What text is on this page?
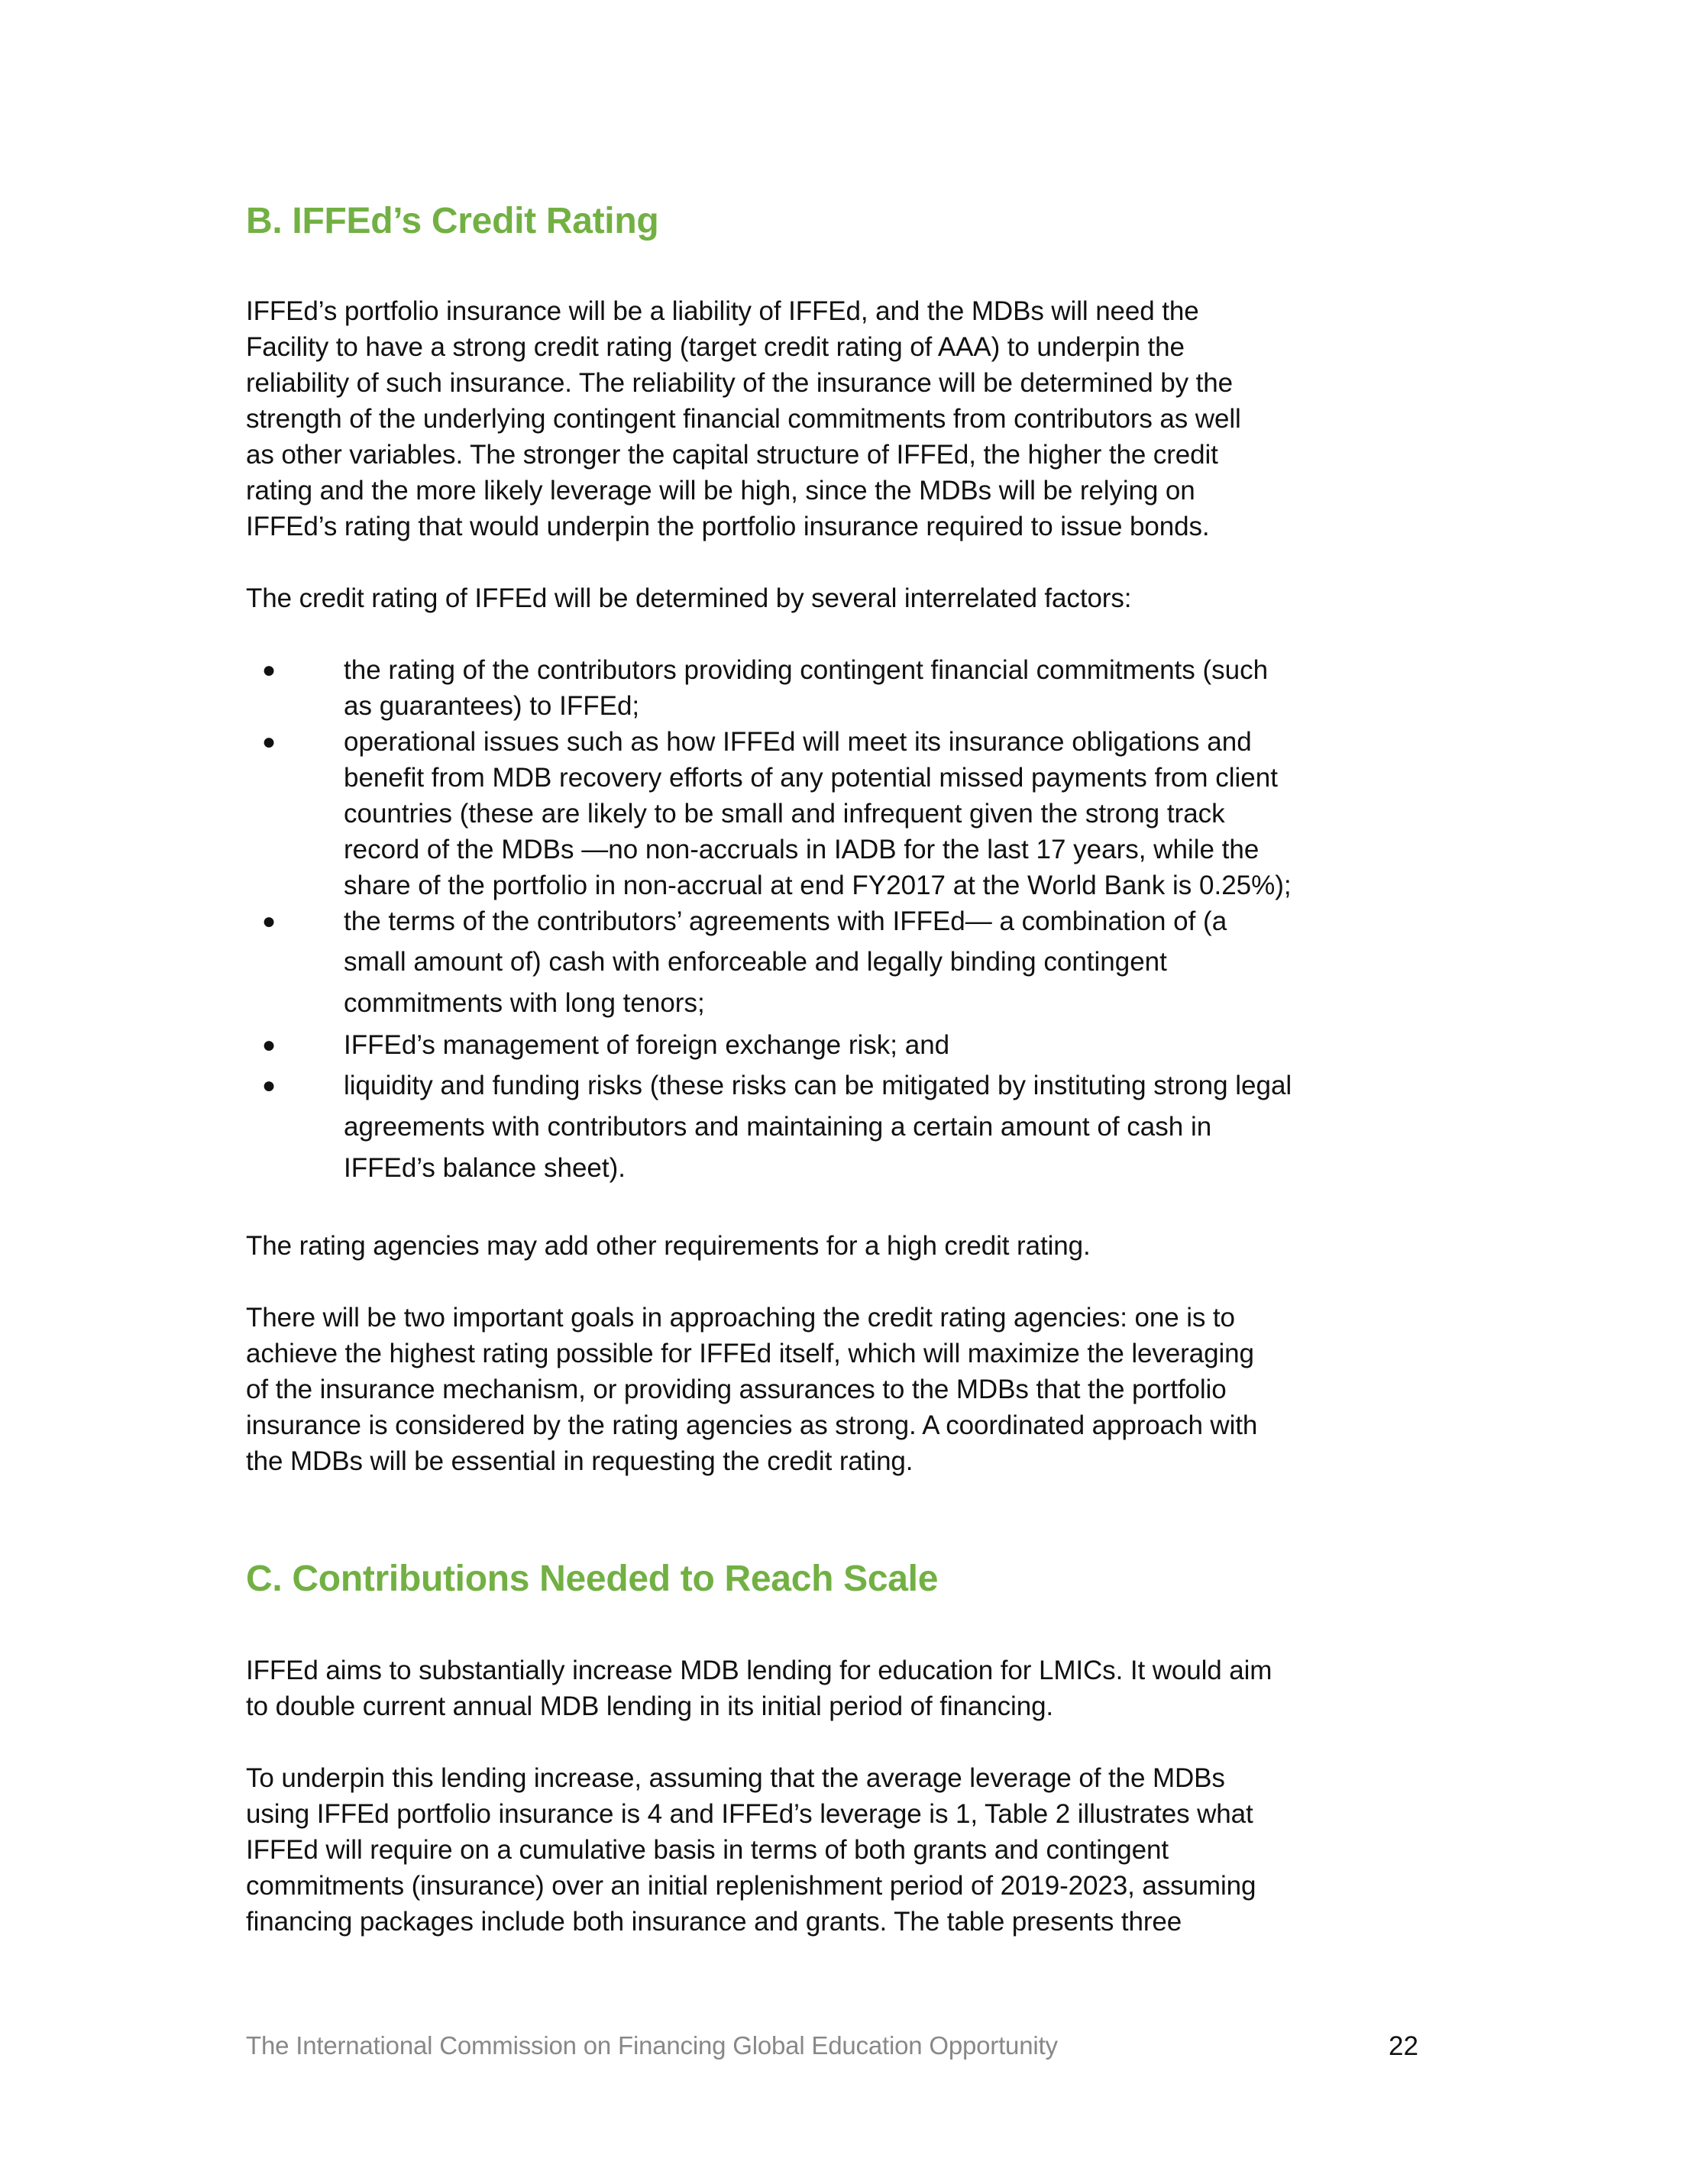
B. IFFEd’s Credit Rating

IFFEd’s portfolio insurance will be a liability of IFFEd, and the MDBs will need the

Facility to have a strong credit rating (target credit rating of AAA) to underpin the

reliability of such insurance. The reliability of the insurance will be determined by the

strength of the underlying contingent financial commitments from contributors as well

as other variables. The stronger the capital structure of IFFEd, the higher the credit

rating and the more likely leverage will be high, since the MDBs will be relying on

IFFEd’s rating that would underpin the portfolio insurance required to issue bonds.

The credit rating of IFFEd will be determined by several interrelated factors:

●	the rating of the contributors providing contingent financial commitments (such
as guarantees) to IFFEd;
●	operational issues such as how IFFEd will meet its insurance obligations and
benefit from MDB recovery efforts of any potential missed payments from client
countries (these are likely to be small and infrequent given the strong track
record of the MDBs —no non-accruals in IADB for the last 17 years, while the
share of the portfolio in non-accrual at end FY2017 at the World Bank is 0.25%);
●	the terms of the contributors’ agreements with IFFEd— a combination of (a
small amount of) cash with enforceable and legally binding contingent
commitments with long tenors;
●	IFFEd’s management of foreign exchange risk; and
●	liquidity and funding risks (these risks can be mitigated by instituting strong legal
agreements with contributors and maintaining a certain amount of cash in
IFFEd’s balance sheet).

The rating agencies may add other requirements for a high credit rating.

There will be two important goals in approaching the credit rating agencies: one is to

achieve the highest rating possible for IFFEd itself, which will maximize the leveraging

of the insurance mechanism, or providing assurances to the MDBs that the portfolio

insurance is considered by the rating agencies as strong. A coordinated approach with

the MDBs will be essential in requesting the credit rating.

C. Contributions Needed to Reach Scale

IFFEd aims to substantially increase MDB lending for education for LMICs. It would aim

to double current annual MDB lending in its initial period of financing.

To underpin this lending increase, assuming that the average leverage of the MDBs

using IFFEd portfolio insurance is 4 and IFFEd’s leverage is 1, Table 2 illustrates what

IFFEd will require on a cumulative basis in terms of both grants and contingent

commitments (insurance) over an initial replenishment period of 2019-2023, assuming

financing packages include both insurance and grants. The table presents three

The International Commission on Financing Global Education Opportunity	22
